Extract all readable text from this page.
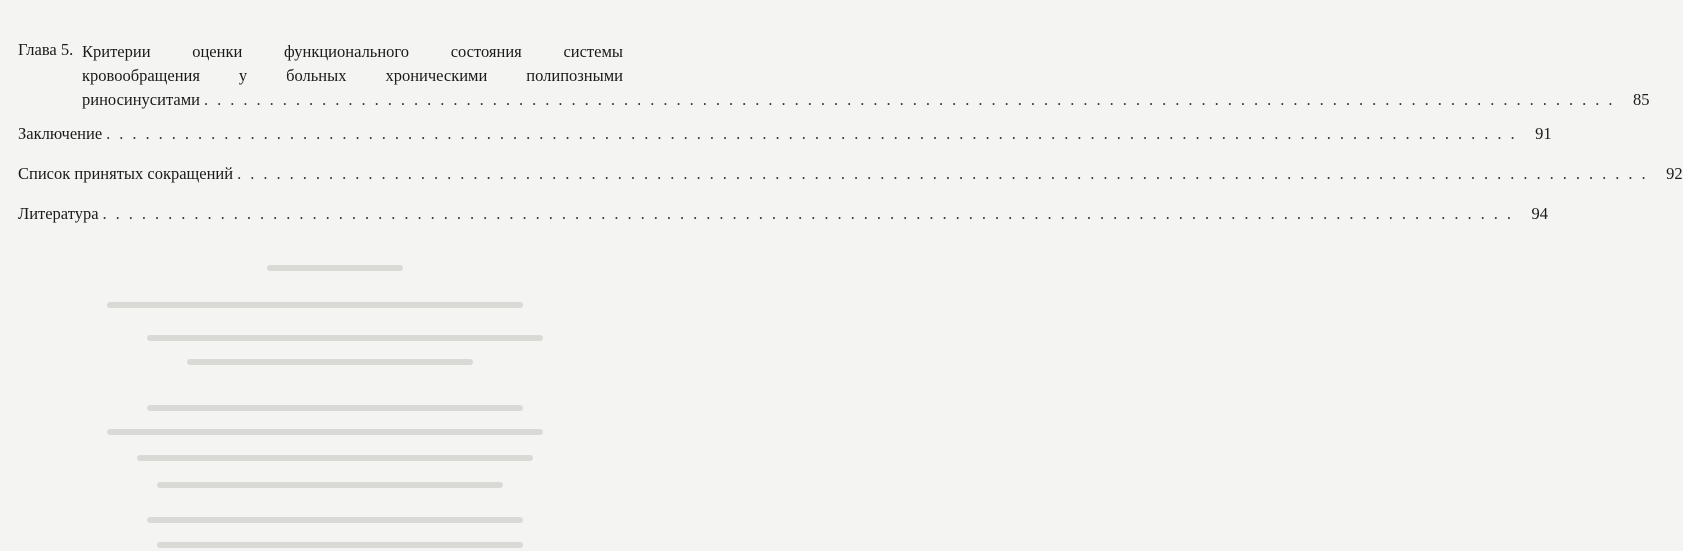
Глава 5. Критерии оценки функционального состояния системы
кровообращения у больных хроническими полипозными
риносинуситами ............................................................................................................ 85
Заключение ............................................................................................................ 91
Список принятых сокращений ............................................................................................................ 92
Литература ............................................................................................................ 94
